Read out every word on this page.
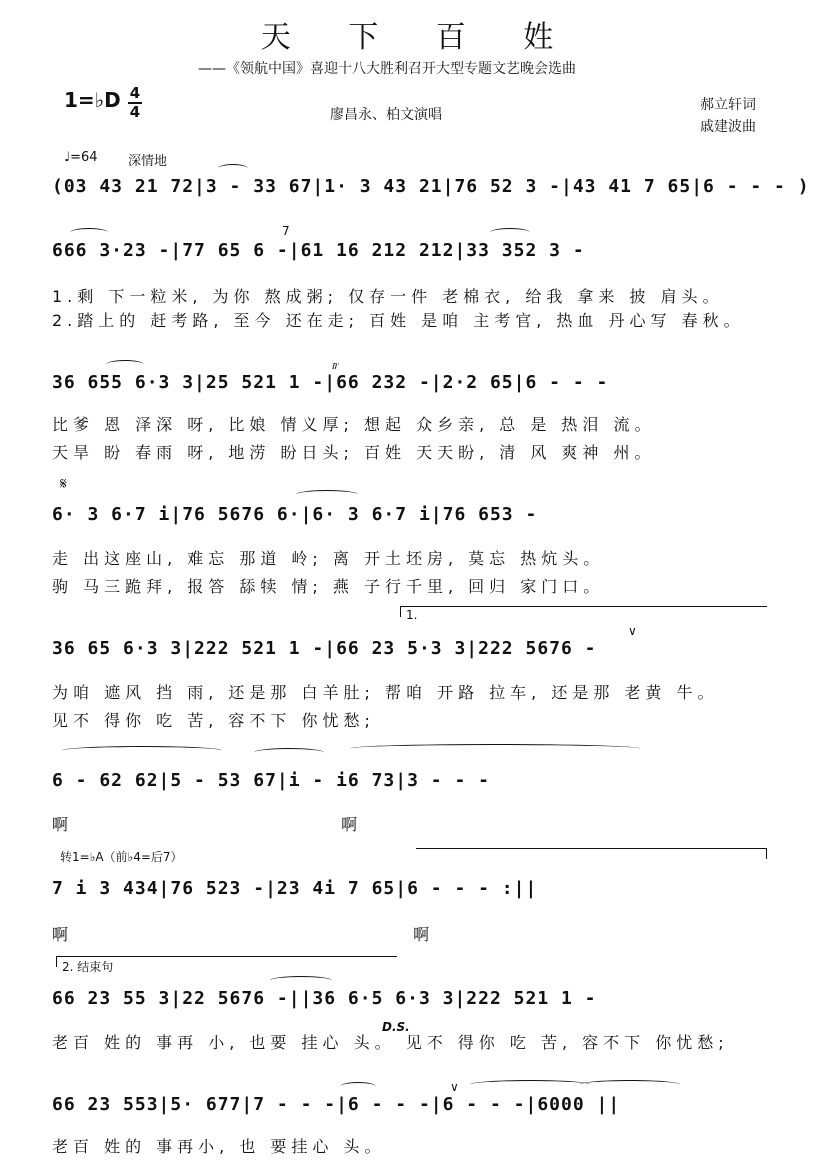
天 下 百 姓
——《领航中国》喜迎十八大胜利召开大型专题文艺晚会选曲
1=♭D 4
4	廖昌永、柏文演唱
郝立轩词
戚建波曲
♩=64 深情地
(03 43 21 72|3 - 33 67|1· 3 43 21|76 52 3 -|43 41 7 65|6 - - - )
666 3·23 -|77 65 6 -|61 16 212 212|33 352 3 -
7
1.剩 下一粒米, 为你 熬成粥; 仅存一件 老棉衣, 给我 拿来 披 肩头。
2.踏上的 赶考路, 至今 还在走; 百姓 是咱 主考官, 热血 丹心写 春秋。
36 655 6·3 3|25 521 1 -|66 232 -|2·2 65|6 - - -
𝆖
比爹 恩 泽深 呀, 比娘 情义厚; 想起 众乡亲, 总 是 热泪 流。
天旱 盼 春雨 呀, 地涝 盼日头; 百姓 天天盼, 清 风 爽神 州。
𝄋
6· 3 6·7 i|76 5676 6·|6· 3 6·7 i|76 653 -
走 出这座山, 难忘 那道 岭; 离 开土坯房, 莫忘 热炕头。
驹 马三跪拜, 报答 舔犊 情; 燕 子行千里, 回归 家门口。
1.
36 65 6·3 3|222 521 1 -|66 23 5·3 3|222 5676 -
∨
为咱 遮风 挡 雨, 还是那 白羊肚; 帮咱 开路 拉车, 还是那 老黄 牛。
见不 得你 吃 苦, 容不下 你忧愁;
6 - 62 62|5 - 53 67|i - i6 73|3 - - -
啊 啊
转1=♭A（前♭4=后7）
7 i 3 434|76 523 -|23 4i 7 65|6 - - - :||
啊 啊
2. 结束句
66 23 55 3|22 5676 -||36 6·5 6·3 3|222 521 1 -
D.S.
老百 姓的 事再 小, 也要 挂心 头。 见不 得你 吃 苦, 容不下 你忧愁;
66 23 553|5· 677|7 - - -|6 - - -|6 - - -|6000 ||
∨
老百 姓的 事再小, 也 要挂心 头。
